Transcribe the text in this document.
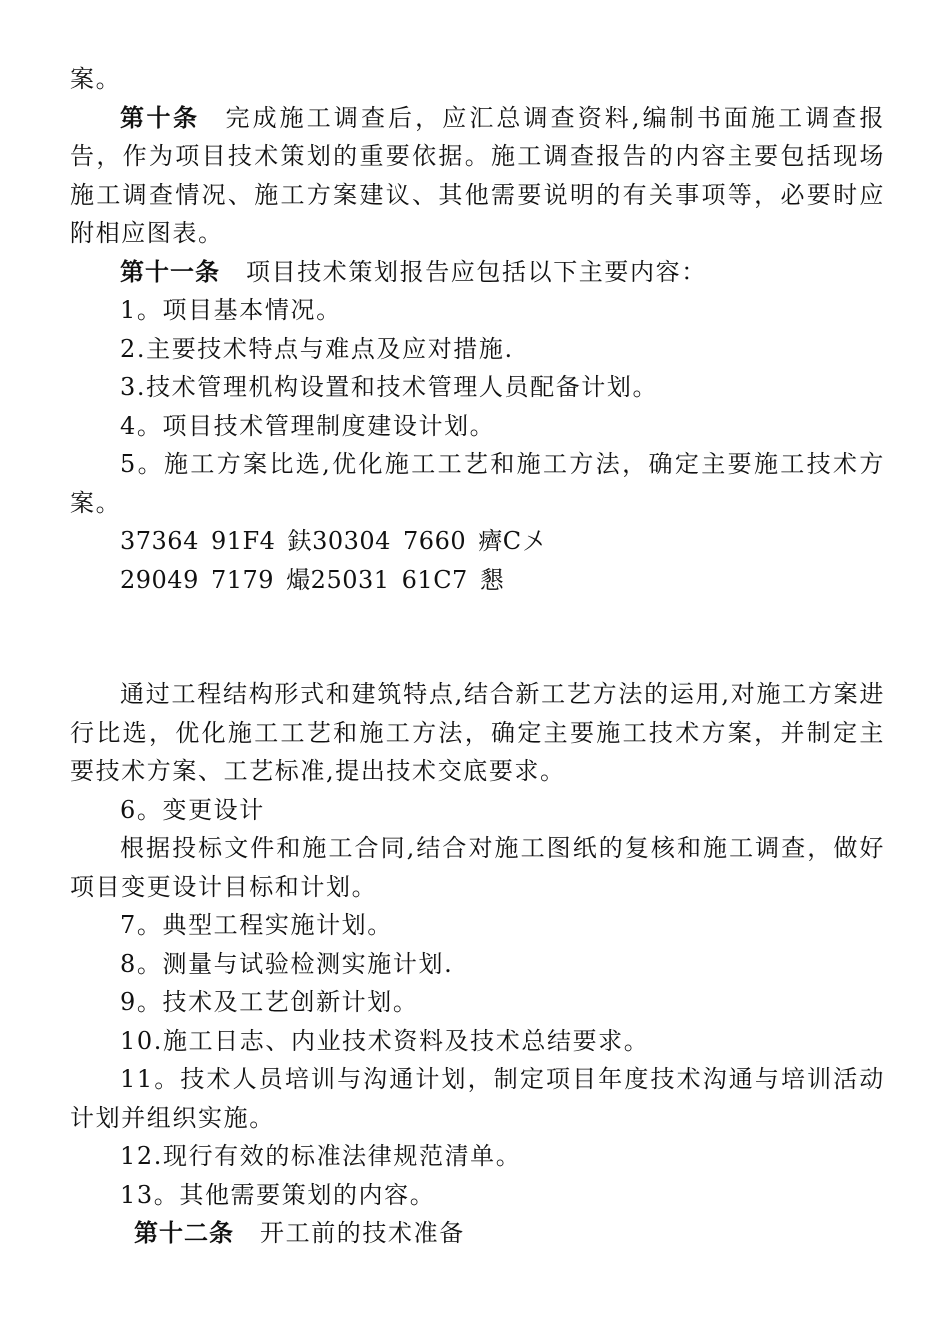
案。

第十条 完成施工调查后，应汇总调查资料,编制书面施工调查报告，作为项目技术策划的重要依据。施工调查报告的内容主要包括现场施工调查情况、施工方案建议、其他需要说明的有关事项等，必要时应附相应图表。

第十一条 项目技术策划报告应包括以下主要内容：

1。项目基本情况。

2.主要技术特点与难点及应对措施.

3.技术管理机构设置和技术管理人员配备计划。

4。项目技术管理制度建设计划。

5。施工方案比选,优化施工工艺和施工方法，确定主要施工技术方案。

37364 91F4 鈇30304 7660 癠C〤

29049 7179 熶25031 61C7 懇

通过工程结构形式和建筑特点,结合新工艺方法的运用,对施工方案进行比选，优化施工工艺和施工方法，确定主要施工技术方案，并制定主要技术方案、工艺标准,提出技术交底要求。

6。变更设计

根据投标文件和施工合同,结合对施工图纸的复核和施工调查，做好项目变更设计目标和计划。

7。典型工程实施计划。

8。测量与试验检测实施计划.

9。技术及工艺创新计划。

10.施工日志、内业技术资料及技术总结要求。

11。技术人员培训与沟通计划，制定项目年度技术沟通与培训活动计划并组织实施。

12.现行有效的标准法律规范清单。

13。其他需要策划的内容。

第十二条 开工前的技术准备
